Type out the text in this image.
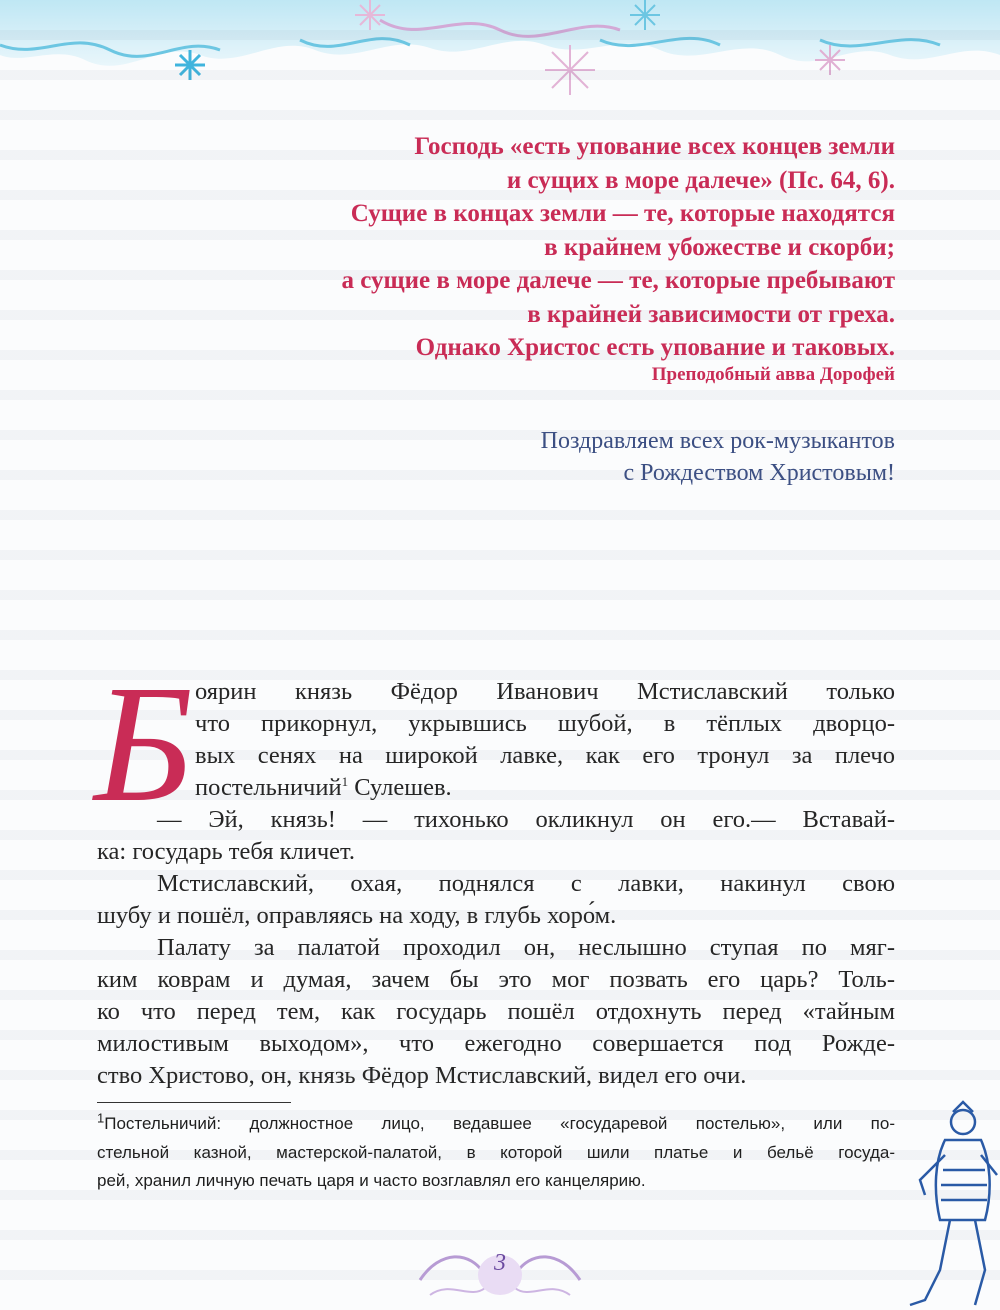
Господь «есть упование всех концев земли
и сущих в море далече» (Пс. 64, 6).
Сущие в концах земли — те, которые находятся
в крайнем убожестве и скорби;
а сущие в море далече — те, которые пребывают
в крайней зависимости от греха.
Однако Христос есть упование и таковых.
Преподобный авва Дорофей
Поздравляем всех рок-музыкантов
с Рождеством Христовым!
Б оярин князь Фёдор Иванович Мстиславский только
что прикорнул, укрывшись шубой, в тёплых дворцо-
вых сенях на широкой лавке, как его тронул за плечо
постельничий$^1$ Сулешев.
— Эй, князь! — тихонько окликнул он его.— Вставай-
ка: государь тебя кличет.
Мстиславский, охая, поднялся с лавки, накинул свою
шубу и пошёл, оправляясь на ходу, в глубь хоро́м.
Палату за палатой проходил он, неслышно ступая по мяг-
ким коврам и думая, зачем бы это мог позвать его царь? Толь-
ко что перед тем, как государь пошёл отдохнуть перед «тайным
милостивым выходом», что ежегодно совершается под Рожде-
ство Христово, он, князь Фёдор Мстиславский, видел его очи.
$^1$Постельничий: должностное лицо, ведавшее «государевой постелью», или по-
стельной казной, мастерской-палатой, в которой шили платье и бельё госуда-
рей, хранил личную печать царя и часто возглавлял его канцелярию.
3
